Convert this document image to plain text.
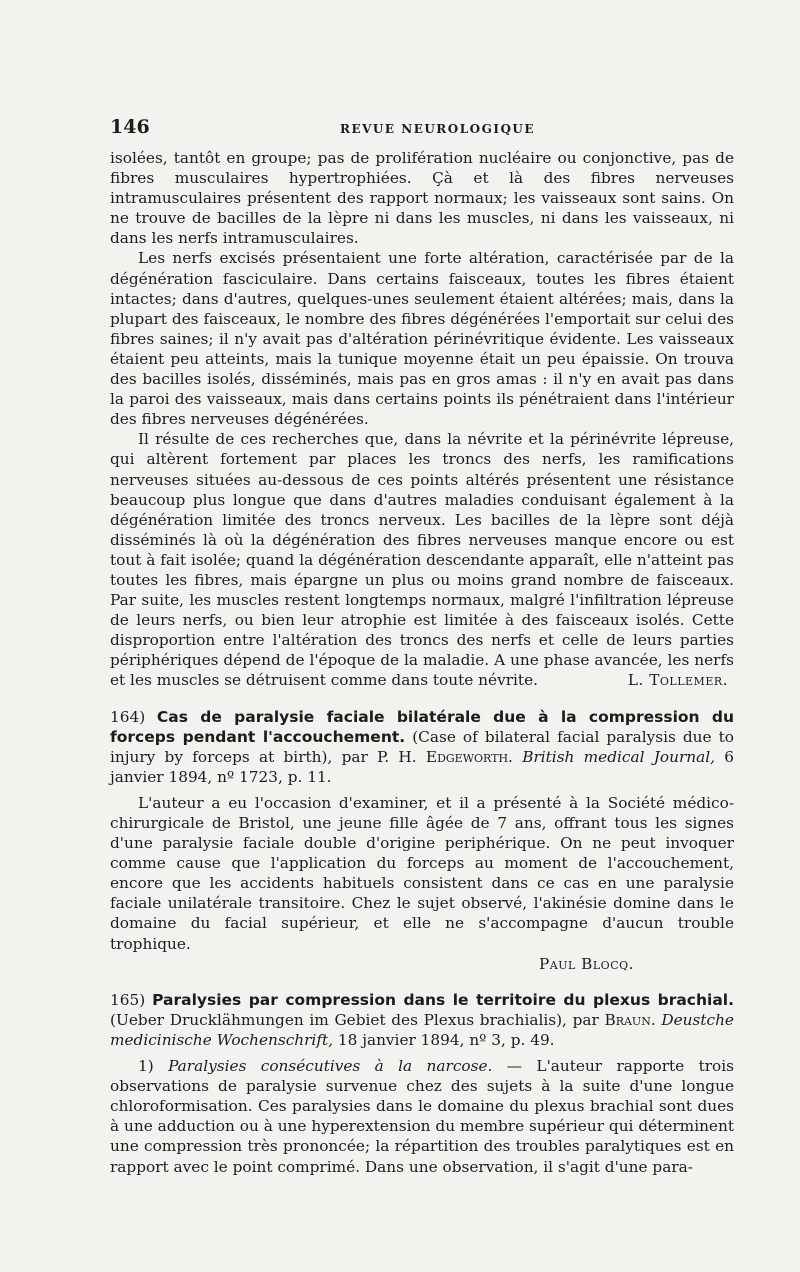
146	REVUE NEUROLOGIQUE

isolées, tantôt en groupe; pas de prolifération nucléaire ou conjonctive, pas de fibres musculaires hypertrophiées. Çà et là des fibres nerveuses intramusculaires présentent des rapport normaux; les vaisseaux sont sains. On ne trouve de bacilles de la lèpre ni dans les muscles, ni dans les vaisseaux, ni dans les nerfs intramusculaires.

Les nerfs excisés présentaient une forte altération, caractérisée par de la dégénération fasciculaire. Dans certains faisceaux, toutes les fibres étaient intactes; dans d'autres, quelques-unes seulement étaient altérées; mais, dans la plupart des faisceaux, le nombre des fibres dégénérées l'emportait sur celui des fibres saines; il n'y avait pas d'altération périnévritique évidente. Les vaisseaux étaient peu atteints, mais la tunique moyenne était un peu épaissie. On trouva des bacilles isolés, disséminés, mais pas en gros amas : il n'y en avait pas dans la paroi des vaisseaux, mais dans certains points ils pénétraient dans l'intérieur des fibres nerveuses dégénérées.

Il résulte de ces recherches que, dans la névrite et la périnévrite lépreuse, qui altèrent fortement par places les troncs des nerfs, les ramifications nerveuses situées au-dessous de ces points altérés présentent une résistance beaucoup plus longue que dans d'autres maladies conduisant également à la dégénération limitée des troncs nerveux. Les bacilles de la lèpre sont déjà disséminés là où la dégénération des fibres nerveuses manque encore ou est tout à fait isolée; quand la dégénération descendante apparaît, elle n'atteint pas toutes les fibres, mais épargne un plus ou moins grand nombre de faisceaux. Par suite, les muscles restent longtemps normaux, malgré l'infiltration lépreuse de leurs nerfs, ou bien leur atrophie est limitée à des faisceaux isolés. Cette disproportion entre l'altération des troncs des nerfs et celle de leurs parties périphériques dépend de l'époque de la maladie. A une phase avancée, les nerfs et les muscles se détruisent comme dans toute névrite.	L. Tollemer.

164) Cas de paralysie faciale bilatérale due à la compression du forceps pendant l'accouchement. (Case of bilateral facial paralysis due to injury by forceps at birth), par P. H. Edgeworth. British medical Journal, 6 janvier 1894, nº 1723, p. 11.

L'auteur a eu l'occasion d'examiner, et il a présenté à la Société médico-chirurgicale de Bristol, une jeune fille âgée de 7 ans, offrant tous les signes d'une paralysie faciale double d'origine periphérique. On ne peut invoquer comme cause que l'application du forceps au moment de l'accouchement, encore que les accidents habituels consistent dans ce cas en une paralysie faciale unilatérale transitoire. Chez le sujet observé, l'akinésie domine dans le domaine du facial supérieur, et elle ne s'accompagne d'aucun trouble trophique.

Paul Blocq.

165) Paralysies par compression dans le territoire du plexus brachial. (Ueber Drucklähmungen im Gebiet des Plexus brachialis), par Braun. Deustche medicinische Wochenschrift, 18 janvier 1894, nº 3, p. 49.

1) Paralysies consécutives à la narcose. — L'auteur rapporte trois observations de paralysie survenue chez des sujets à la suite d'une longue chloroformisation. Ces paralysies dans le domaine du plexus brachial sont dues à une adduction ou à une hyperextension du membre supérieur qui déterminent une compression très prononcée; la répartition des troubles paralytiques est en rapport avec le point comprimé. Dans une observation, il s'agit d'une para-
